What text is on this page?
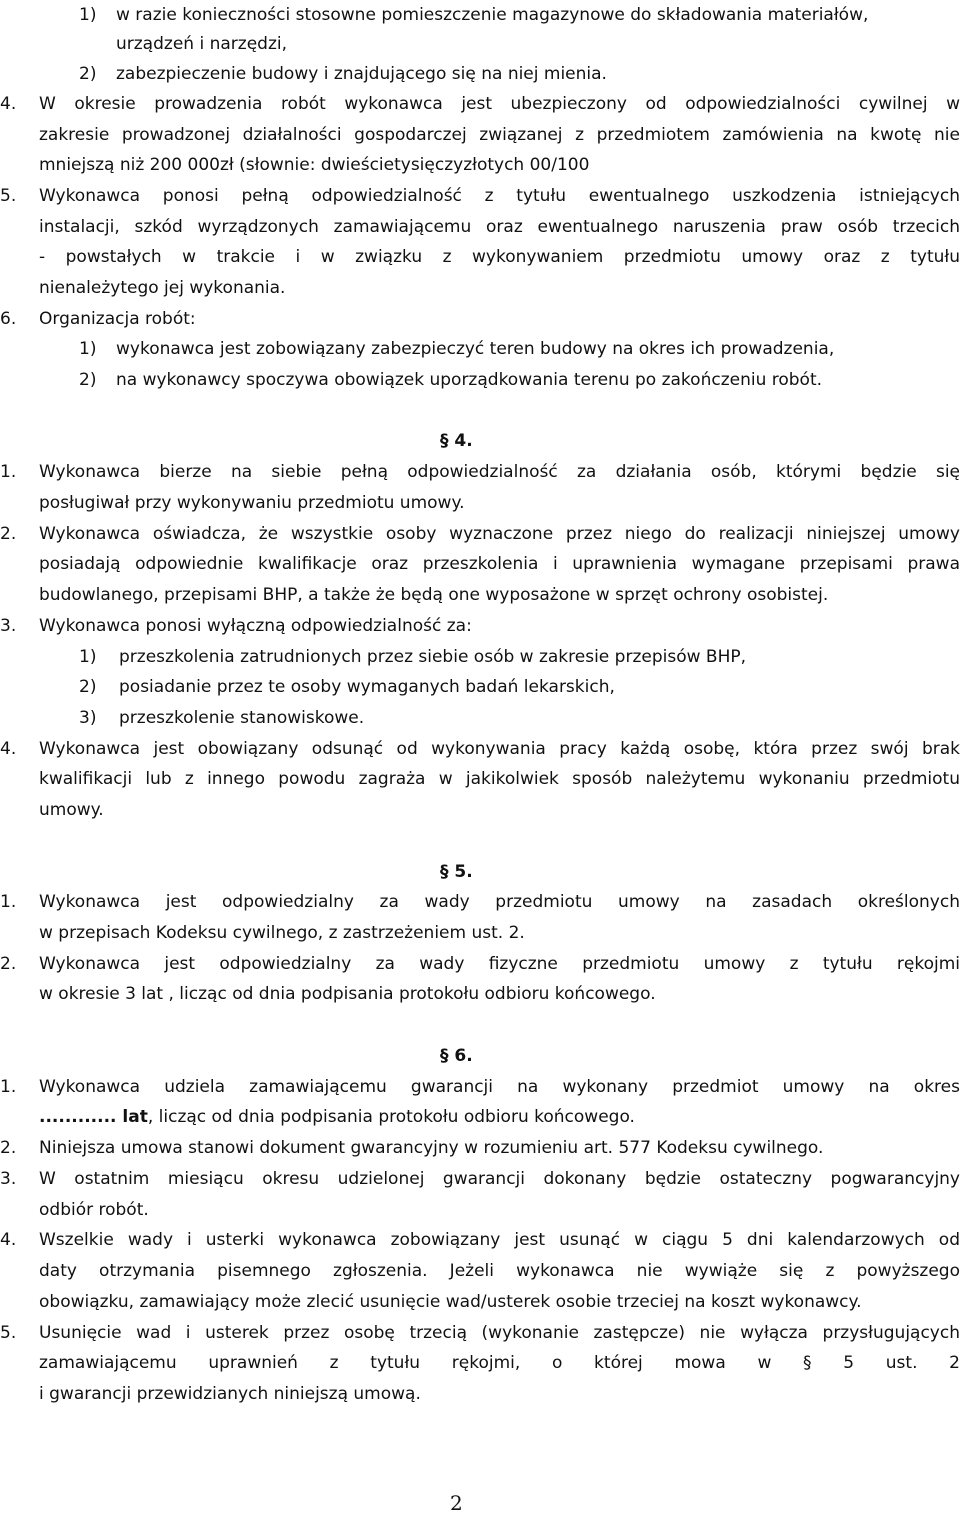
1) w razie konieczności stosowne pomieszczenie magazynowe do składowania materiałów,
urządzeń i narzędzi,
2) zabezpieczenie budowy i znajdującego się na niej mienia.
4. W okresie prowadzenia robót wykonawca jest ubezpieczony od odpowiedzialności cywilnej w
zakresie prowadzonej działalności gospodarczej związanej z przedmiotem zamówienia na kwotę nie
mniejszą niż 200 000zł (słownie: dwieścietysięczyzłotych 00/100
5. Wykonawca ponosi pełną odpowiedzialność z tytułu ewentualnego uszkodzenia istniejących
instalacji, szkód wyrządzonych zamawiającemu oraz ewentualnego naruszenia praw osób trzecich
- powstałych w trakcie i w związku z wykonywaniem przedmiotu umowy oraz z tytułu
nienależytego jej wykonania.
6. Organizacja robót:
1) wykonawca jest zobowiązany zabezpieczyć teren budowy na okres ich prowadzenia,
2) na wykonawcy spoczywa obowiązek uporządkowania terenu po zakończeniu robót.
§ 4.
1. Wykonawca bierze na siebie pełną odpowiedzialność za działania osób, którymi będzie się
posługiwał przy wykonywaniu przedmiotu umowy.
2. Wykonawca oświadcza, że wszystkie osoby wyznaczone przez niego do realizacji niniejszej umowy
posiadają odpowiednie kwalifikacje oraz przeszkolenia i uprawnienia wymagane przepisami prawa
budowlanego, przepisami BHP, a także że będą one wyposażone w sprzęt ochrony osobistej.
3. Wykonawca ponosi wyłączną odpowiedzialność za:
1) przeszkolenia zatrudnionych przez siebie osób w zakresie przepisów BHP,
2) posiadanie przez te osoby wymaganych badań lekarskich,
3) przeszkolenie stanowiskowe.
4. Wykonawca jest obowiązany odsunąć od wykonywania pracy każdą osobę, która przez swój brak
kwalifikacji lub z innego powodu zagraża w jakikolwiek sposób należytemu wykonaniu przedmiotu
umowy.
§ 5.
1. Wykonawca jest odpowiedzialny za wady przedmiotu umowy na zasadach określonych
w przepisach Kodeksu cywilnego, z zastrzeżeniem ust. 2.
2. Wykonawca jest odpowiedzialny za wady fizyczne przedmiotu umowy z tytułu rękojmi
w okresie 3 lat , licząc od dnia podpisania protokołu odbioru końcowego.
§ 6.
1. Wykonawca udziela zamawiającemu gwarancji na wykonany przedmiot umowy na okres
............ lat, licząc od dnia podpisania protokołu odbioru końcowego.
2. Niniejsza umowa stanowi dokument gwarancyjny w rozumieniu art. 577 Kodeksu cywilnego.
3. W ostatnim miesiącu okresu udzielonej gwarancji dokonany będzie ostateczny pogwarancyjny
odbiór robót.
4. Wszelkie wady i usterki wykonawca zobowiązany jest usunąć w ciągu 5 dni kalendarzowych od
daty otrzymania pisemnego zgłoszenia. Jeżeli wykonawca nie wywiąże się z powyższego
obowiązku, zamawiający może zlecić usunięcie wad/usterek osobie trzeciej na koszt wykonawcy.
5. Usunięcie wad i usterek przez osobę trzecią (wykonanie zastępcze) nie wyłącza przysługujących
zamawiającemu uprawnień z tytułu rękojmi, o której mowa w § 5 ust. 2
i gwarancji przewidzianych niniejszą umową.
2
